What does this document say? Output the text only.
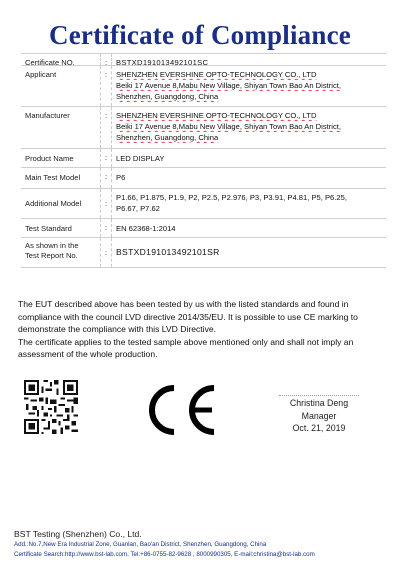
Certificate of Compliance
Certificate NO.	:	BSTXD191013492101SC
Applicant	:	SHENZHEN EVERSHINE OPTO-TECHNOLOGY CO., LTD
Beiki 17 Avenue 8,Mabu New Village, Shiyan Town Bao An District,
Shenzhen, Guangdong, China
Manufacturer	:	SHENZHEN EVERSHINE OPTO-TECHNOLOGY CO., LTD
Beiki 17 Avenue 8,Mabu New Village, Shiyan Town Bao An District,
Shenzhen, Guangdong, China
Product Name	:	LED DISPLAY
Main Test Model	:	P6
Additional Model	:
P1.66, P1.875, P1.9, P2, P2.5, P2.976, P3, P3.91, P4.81, P5, P6.25,
P6.67, P7.62
Test Standard	:	EN 62368-1:2014
As shown in the
Test Report No.	:	BSTXD191013492101SR

The EUT described above has been tested by us with the listed standards and found in compliance with the council LVD directive 2014/35/EU. It is possible to use CE marking to demonstrate the compliance with this LVD Directive.

The certificate applies to the tested sample above mentioned only and shall not imply an assessment of the whole production.

Christina Deng
Manager
Oct. 21, 2019
BST Testing (Shenzhen) Co., Ltd.
Add.:No.7,New Era Industrial Zone, Guanlan, Bao'an District, Shenzhen, Guangdong, China
Certificate Search:http://www.bst-lab.com, Tel:+86-0755-82-9628 , 8000990305, E-mail:christina@bst-lab.com
